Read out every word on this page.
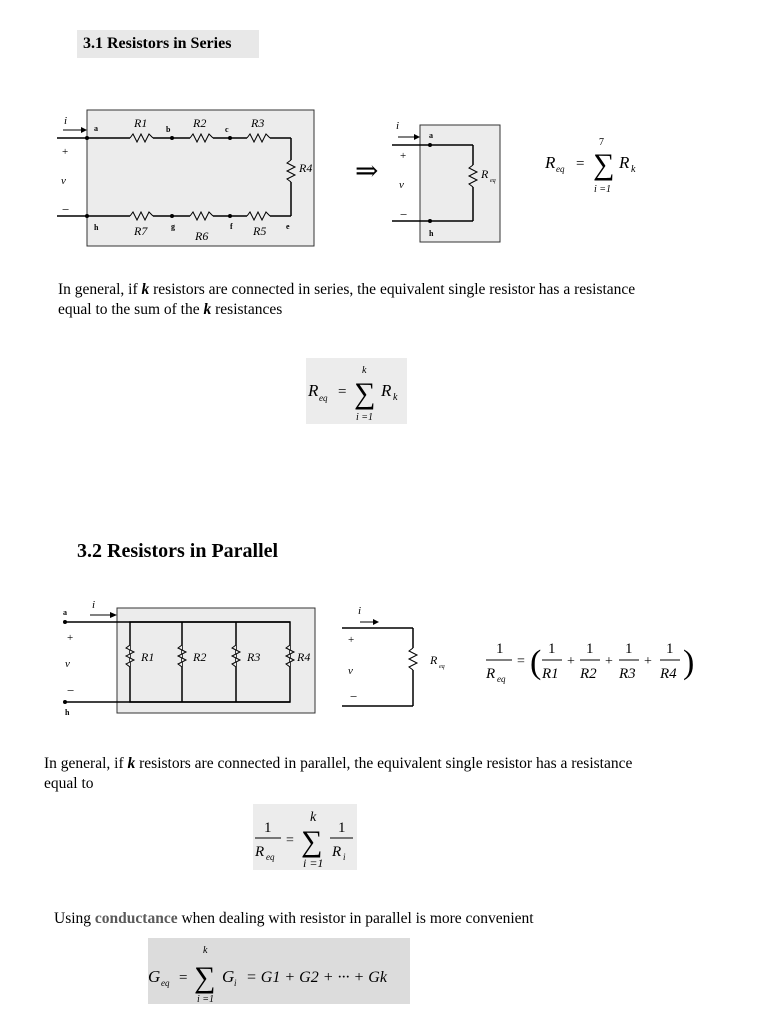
3.1 Resistors in Series
i
+
v
−
a	b	c
h	g	f	e
R1	R2	R3
R4
R5
R6
R7
⇒
i
+
v
−
a
h
R eq
R eq = ∑
7
i =1
R k
In general, if k resistors are connected in series, the equivalent single resistor has a resistance
equal to the sum of the k resistances
R eq = ∑
k
i =1
R k
3.2 Resistors in Parallel
i
a
+
v
−
h
R1	R2	R3	R4
i
+
v
−
R eq
1
R eq
= ( 1
R1
+
1
R2
+
1
R3
+
1
R4 )
In general, if k resistors are connected in parallel, the equivalent single resistor has a resistance
equal to
1
R eq
= ∑
k
i =1
1
R i
Using conductance when dealing with resistor in parallel is more convenient
G eq = ∑
k
i =1
G i = G1 + G2 + ··· + Gk
